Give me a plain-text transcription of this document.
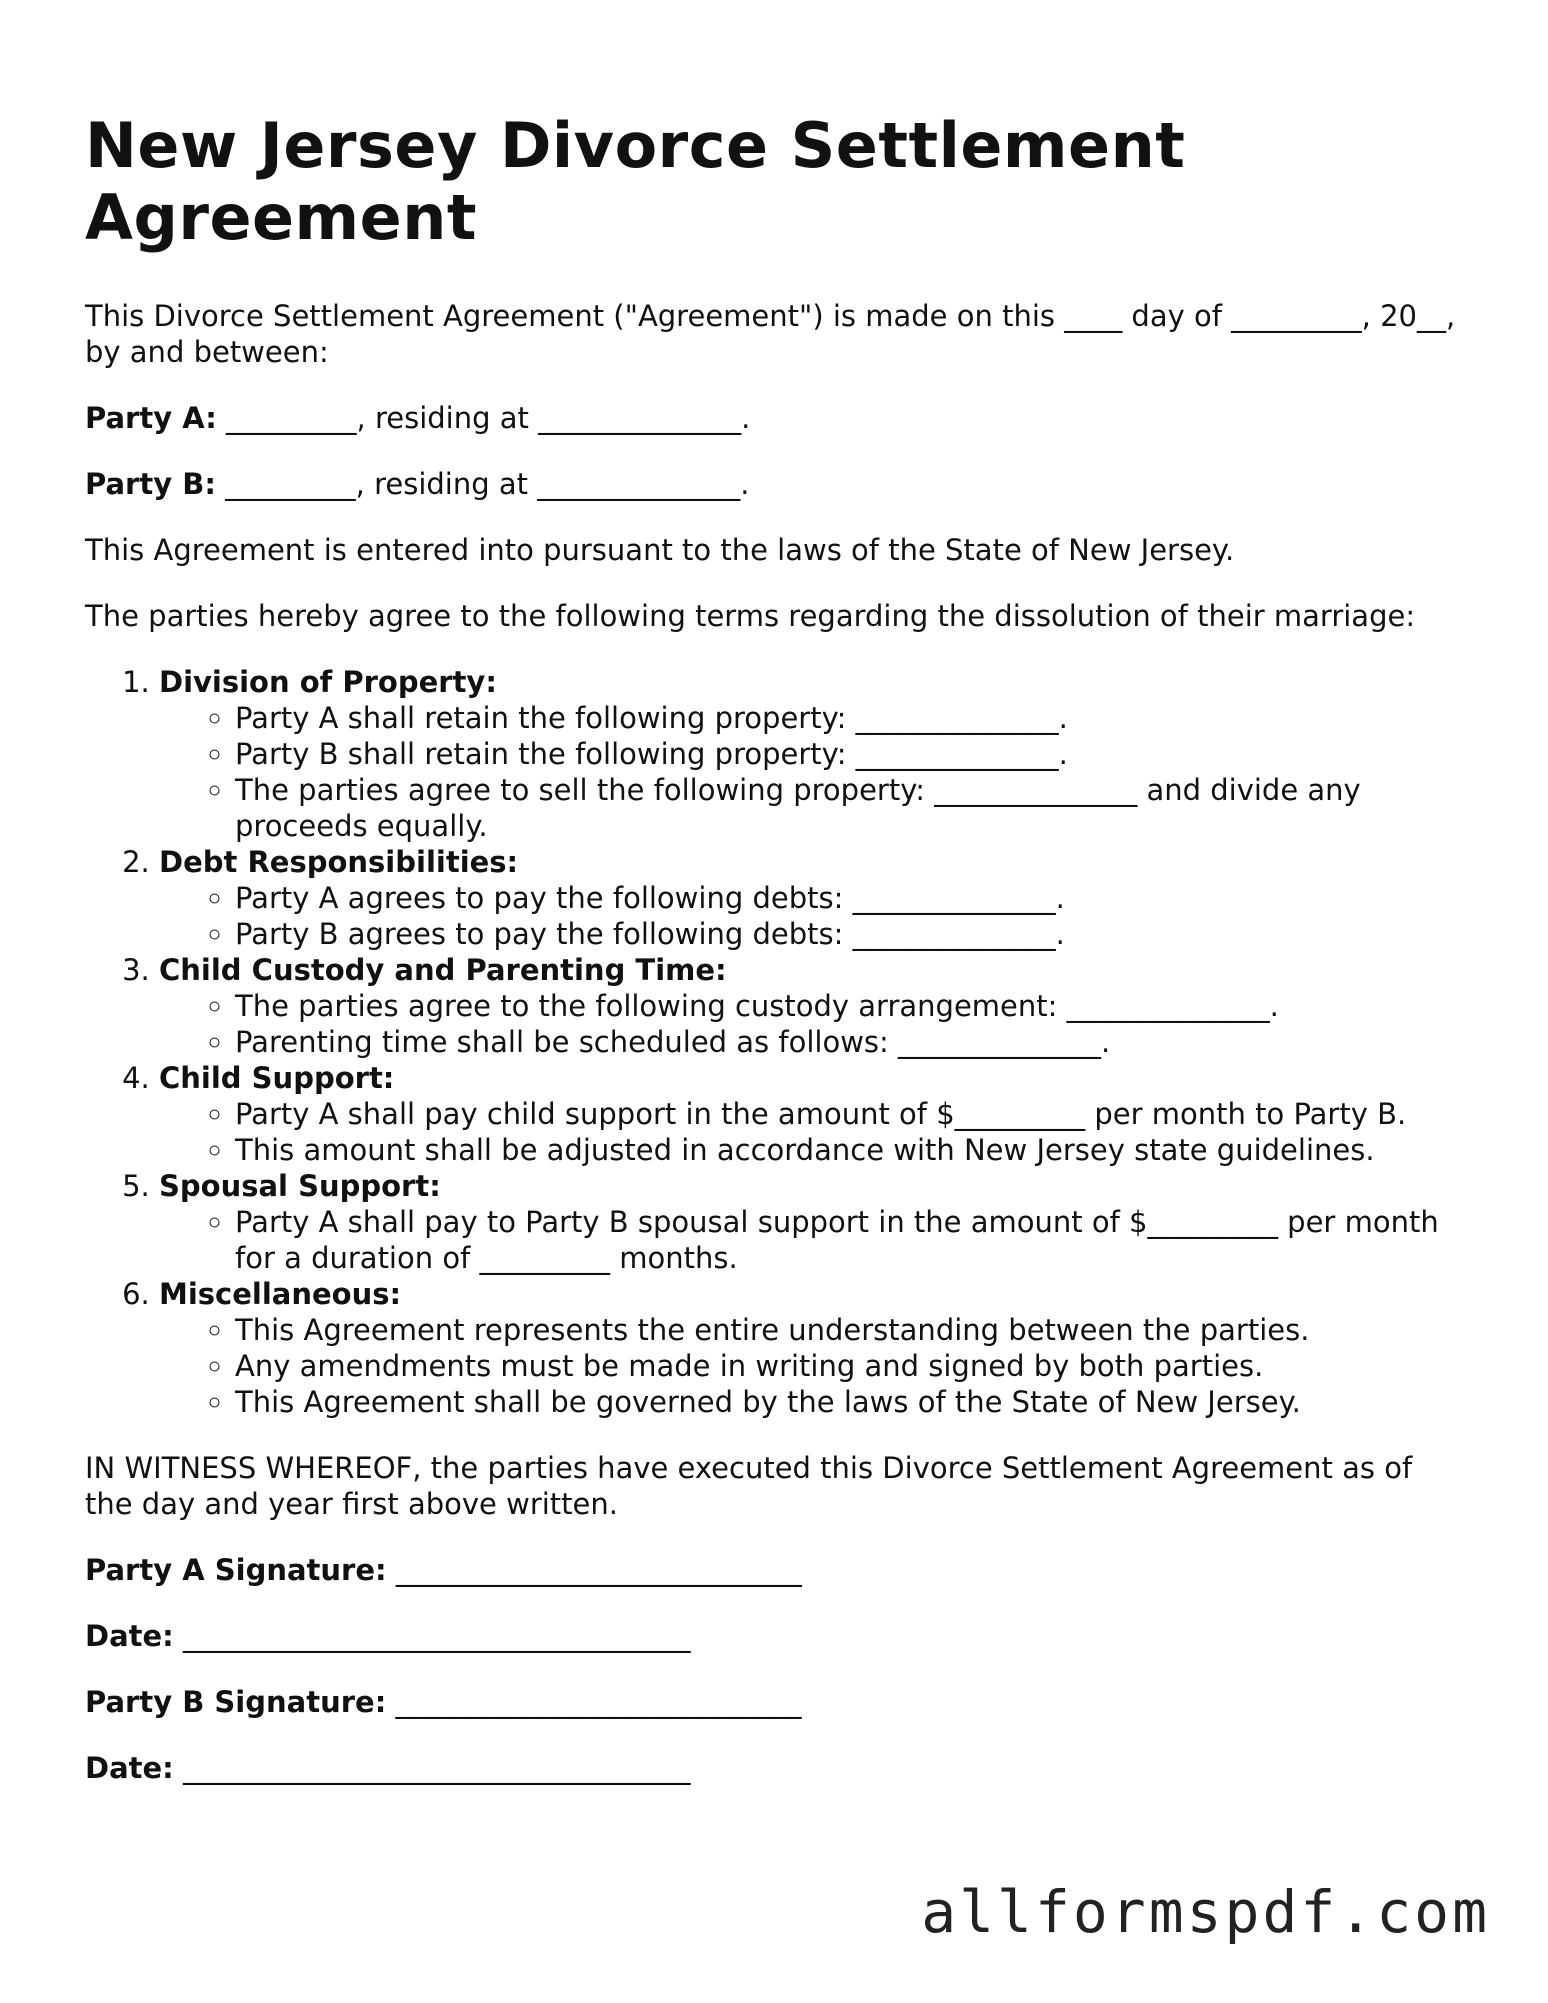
New Jersey Divorce Settlement Agreement

This Divorce Settlement Agreement ("Agreement") is made on this ____ day of _________, 20__, by and between:

Party A: _________, residing at ______________.

Party B: _________, residing at ______________.

This Agreement is entered into pursuant to the laws of the State of New Jersey.

The parties hereby agree to the following terms regarding the dissolution of their marriage:

1. Division of Property:
◦ Party A shall retain the following property: ______________.
◦ Party B shall retain the following property: ______________.
◦ The parties agree to sell the following property: ______________ and divide any proceeds equally.
2. Debt Responsibilities:
◦ Party A agrees to pay the following debts: ______________.
◦ Party B agrees to pay the following debts: ______________.
3. Child Custody and Parenting Time:
◦ The parties agree to the following custody arrangement: ______________.
◦ Parenting time shall be scheduled as follows: ______________.
4. Child Support:
◦ Party A shall pay child support in the amount of $_________ per month to Party B.
◦ This amount shall be adjusted in accordance with New Jersey state guidelines.
5. Spousal Support:
◦ Party A shall pay to Party B spousal support in the amount of $_________ per month for a duration of _________ months.
6. Miscellaneous:
◦ This Agreement represents the entire understanding between the parties.
◦ Any amendments must be made in writing and signed by both parties.
◦ This Agreement shall be governed by the laws of the State of New Jersey.

IN WITNESS WHEREOF, the parties have executed this Divorce Settlement Agreement as of the day and year first above written.

Party A Signature: ____________________________

Date: ___________________________________

Party B Signature: ____________________________

Date: ___________________________________

allformspdf.com
